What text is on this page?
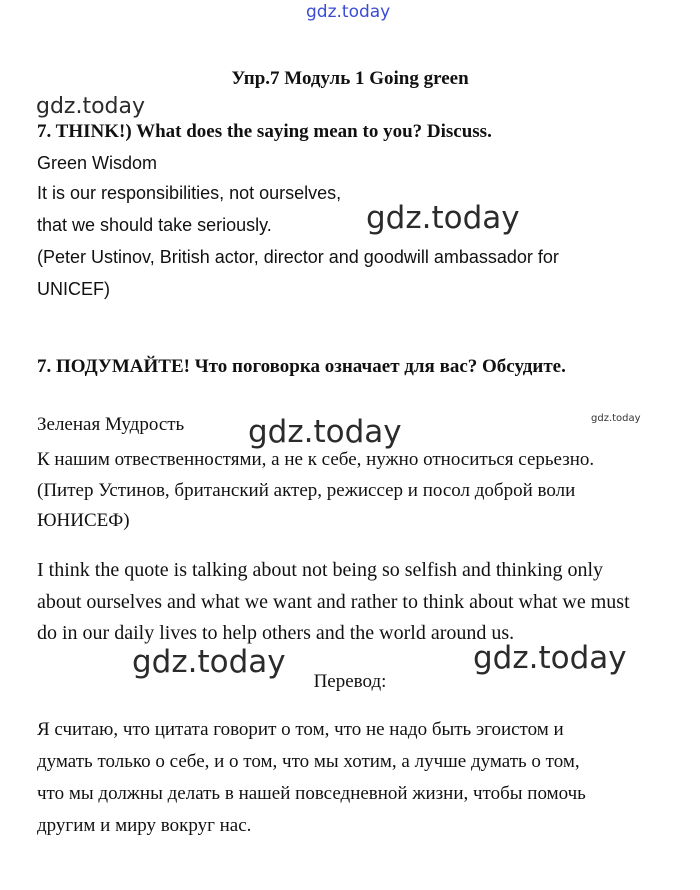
gdz.today
Упр.7 Модуль 1 Going green
gdz.today
7. THINK!) What does the saying mean to you? Discuss.
Green Wisdom
It is our responsibilities, not ourselves,
that we should take seriously.	gdz.today
(Peter Ustinov, British actor, director and goodwill ambassador for
UNICEF)
7. ПОДУМАЙТЕ! Что поговорка означает для вас? Обсудите.
gdz.today
Зеленая Мудрость gdz.today
К нашим отвественностями, а не к себе, нужно относиться серьезно.
(Питер Устинов, британский актер, режиссер и посол доброй воли
ЮНИСЕФ)
I think the quote is talking about not being so selfish and thinking only
about ourselves and what we want and rather to think about what we must
do in our daily lives to help others and the world around us.
gdz.today	gdz.today
Перевод:
Я считаю, что цитата говорит о том, что не надо быть эгоистом и
думать только о себе, и о том, что мы хотим, а лучше думать о том,
что мы должны делать в нашей повседневной жизни, чтобы помочь
другим и миру вокруг нас.
